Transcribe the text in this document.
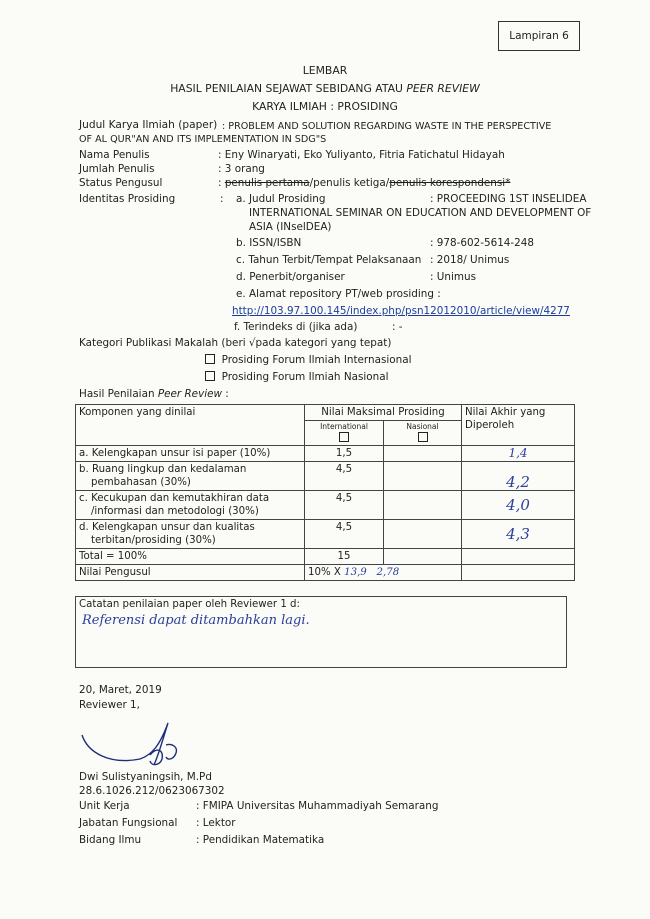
Lampiran 6
LEMBAR
HASIL PENILAIAN SEJAWAT SEBIDANG ATAU PEER REVIEW
KARYA ILMIAH : PROSIDING
Judul Karya Ilmiah (paper) : PROBLEM AND SOLUTION REGARDING WASTE IN THE PERSPECTIVE
OF AL QUR"AN AND ITS IMPLEMENTATION IN SDG"S
Nama Penulis	: Eny Winaryati, Eko Yuliyanto, Fitria Fatichatul Hidayah
Jumlah Penulis	: 3 orang
Status Pengusul	: penulis pertama/penulis ketiga/penulis korespondensi*
Identitas Prosiding	: a. Judul Prosiding	: PROCEEDING 1ST INSELIDEA
INTERNATIONAL SEMINAR ON EDUCATION AND DEVELOPMENT OF
ASIA (INselDEA)
b. ISSN/ISBN	: 978-602-5614-248
c. Tahun Terbit/Tempat Pelaksanaan : 2018/ Unimus
d. Penerbit/organiser	: Unimus
e. Alamat repository PT/web prosiding :
http://103.97.100.145/index.php/psn12012010/article/view/4277
f. Terindeks di (jika ada)	: -
Kategori Publikasi Makalah (beri √pada kategori yang tepat)
Prosiding Forum Ilmiah Internasional
Prosiding Forum Ilmiah Nasional
Hasil Penilaian Peer Review :
Komponen yang dinilai	Nilai Maksimal Prosiding		Nilai Akhir yang
Diperoleh

	International	Nasional	

a. Kelengkapan unsur isi paper (10%)	1,5		1,4

b. Ruang lingkup dan kedalaman
pembahasan (30%)	4,5		4,2

c. Kecukupan dan kemutakhiran data
/informasi dan metodologi (30%)	4,5		4,0

d. Kelengkapan unsur dan kualitas
terbitan/prosiding (30%)	4,5		4,3
Total = 100%	15		
Nilai Pengusul	10% X 13,9 2,78		
Catatan penilaian paper oleh Reviewer 1 d:
Referensi dapat ditambahkan lagi.
20, Maret, 2019
Reviewer 1,
Dwi Sulistyaningsih, M.Pd
28.6.1026.212/0623067302
Unit Kerja	: FMIPA Universitas Muhammadiyah Semarang
Jabatan Fungsional : Lektor
Bidang Ilmu	: Pendidikan Matematika
